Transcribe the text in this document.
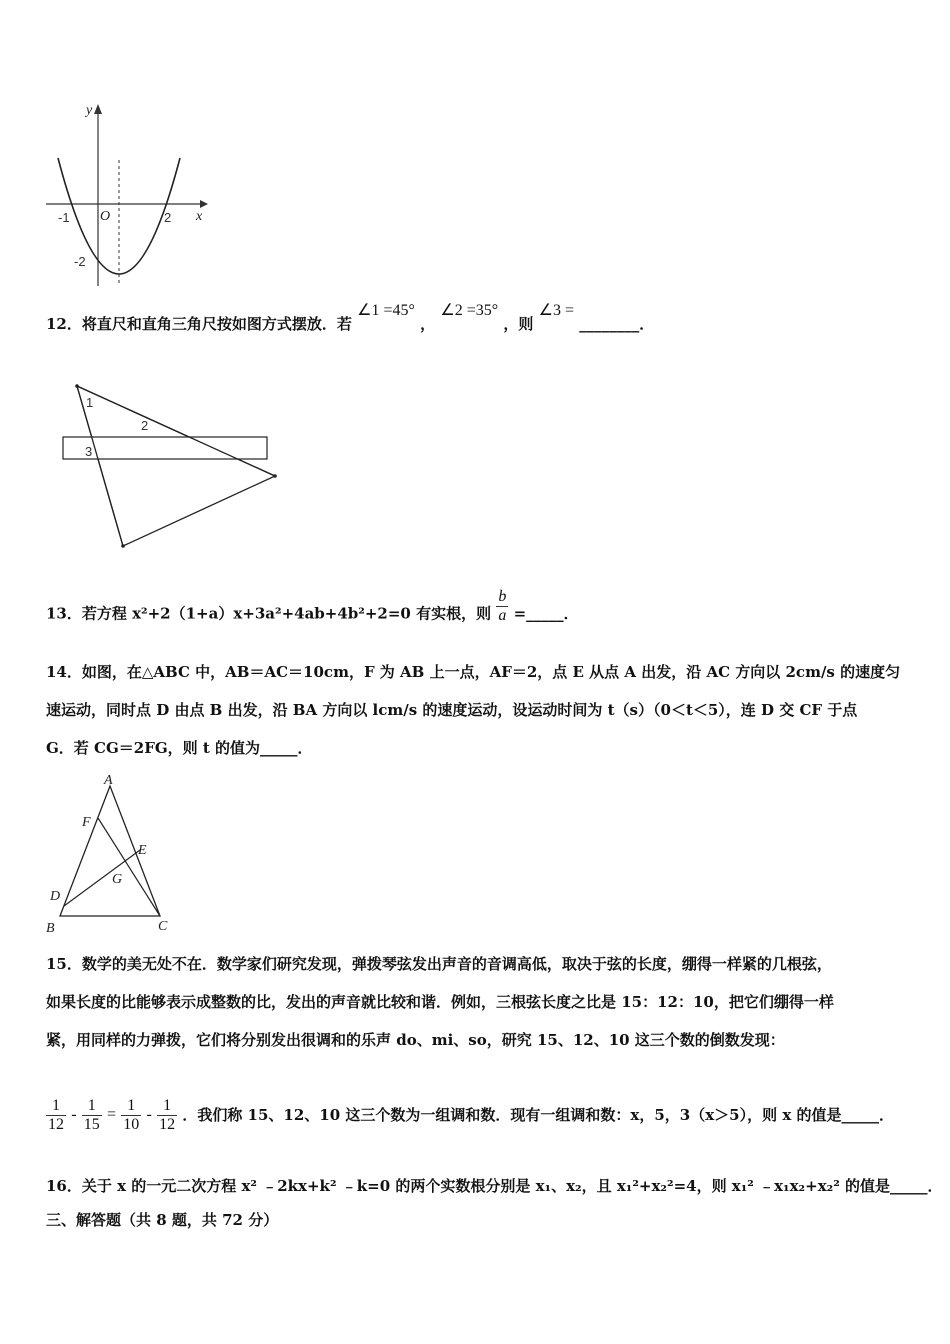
y
x
O
-1	2
-2
12．将直尺和直角三角尺按如图方式摆放．若 ∠1 =45° ， ∠2 =35° ，则 ∠3 = ________．
1
2
3
13．若方程 x²+2（1+a）x+3a²+4ab+4b²+2=0 有实根，则 $\frac{b}{a}$ =_____．
14．如图，在△ABC 中，AB＝AC＝10cm，F 为 AB 上一点，AF＝2，点 E 从点 A 出发，沿 AC 方向以 2cm/s 的速度匀
速运动，同时点 D 由点 B 出发，沿 BA 方向以 lcm/s 的速度运动，设运动时间为 t（s）（0＜t＜5），连 D 交 CF 于点
G．若 CG＝2FG，则 t 的值为_____．
A
F
E
G
D
B	C
15．数学的美无处不在．数学家们研究发现，弹拨琴弦发出声音的音调高低，取决于弦的长度，绷得一样紧的几根弦，
如果长度的比能够表示成整数的比，发出的声音就比较和谐．例如，三根弦长度之比是 15：12：10，把它们绷得一样
紧，用同样的力弹拨，它们将分别发出很调和的乐声 do、mi、so，研究 15、12、10 这三个数的倒数发现：
$\frac{1}{12} - \frac{1}{15} = \frac{1}{10} - \frac{1}{12}$ ．我们称 15、12、10 这三个数为一组调和数．现有一组调和数：x，5，3（x＞5），则 x 的值是_____．
16．关于 x 的一元二次方程 x² ﹣2kx+k² ﹣k=0 的两个实数根分别是 x₁、x₂，且 x₁²+x₂²=4，则 x₁² ﹣x₁x₂+x₂² 的值是_____．
三、解答题（共 8 题，共 72 分）
